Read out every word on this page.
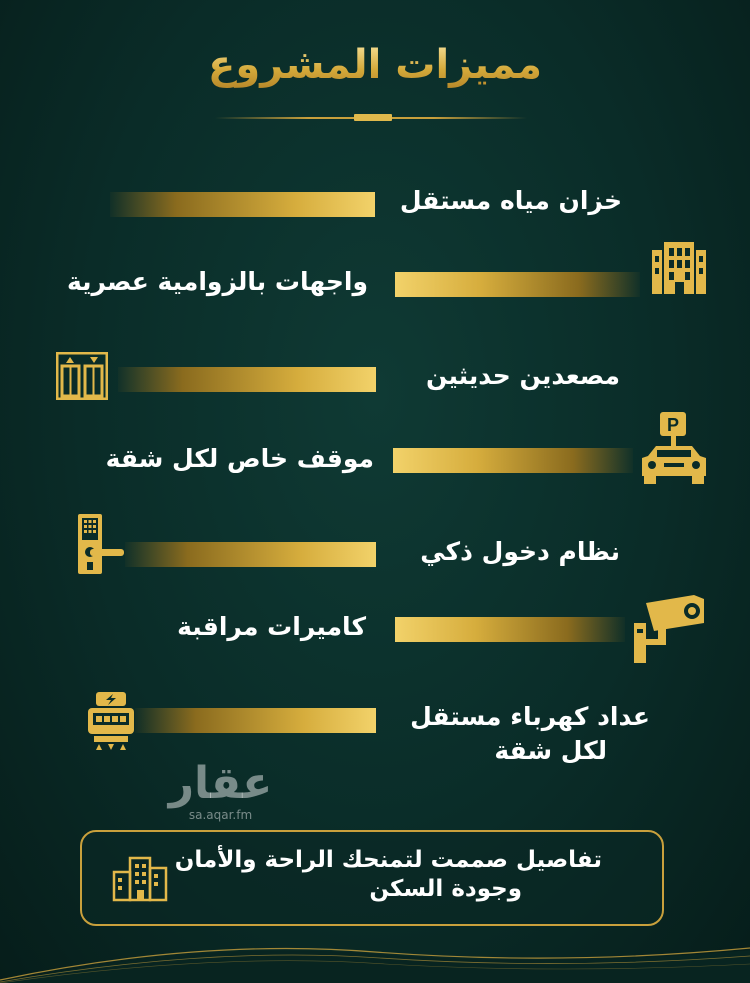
مميزات المشروع
خزان مياه مستقل
واجهات بالزوامية عصرية
مصعدين حديثين
P
موقف خاص لكل شقة
نظام دخول ذكي
كاميرات مراقبة
عداد كهرباء مستقل
لكل شقة
عقار
sa.aqar.fm
تفاصيل صممت لتمنحك الراحة والأمان
وجودة السكن
